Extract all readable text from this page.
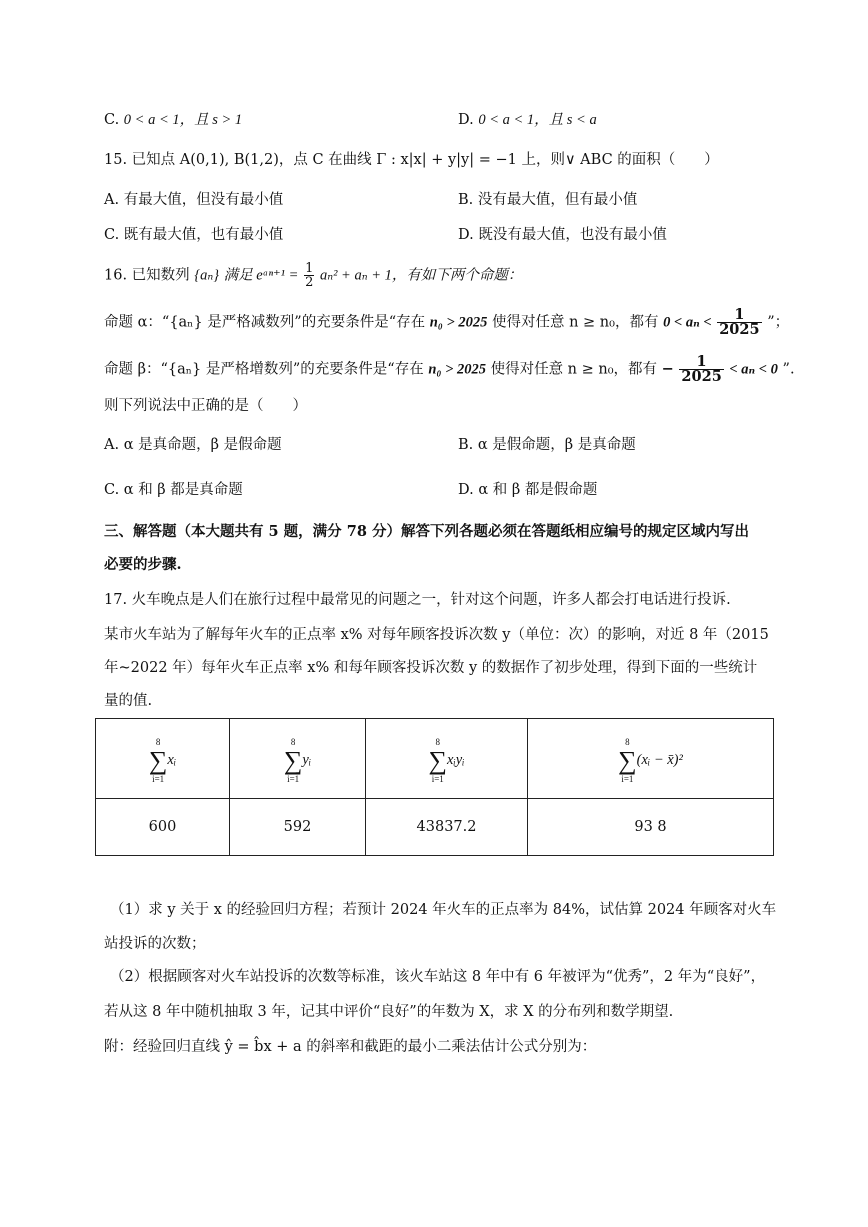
C. 0 < a < 1，且 s > 1	D. 0 < a < 1，且 s < a
15. 已知点 A(0,1), B(1,2)，点 C 在曲线 Γ : x|x| + y|y| = −1 上，则∨ ABC 的面积（　　）
A. 有最大值，但没有最小值	B. 没有最大值，但有最小值
C. 既有最大值，也有最小值	D. 既没有最大值，也没有最小值
16. 已知数列 {aₙ} 满足 eᵃⁿ⁺¹ = $\frac{1}{2} a_n^2 + a_n + 1$，有如下两个命题：
命题 α：“{aₙ} 是严格减数列”的充要条件是“存在 n₀ > 2025 使得对任意 n ≥ n₀，都有 $0 < a_n < \frac{1}{2025}$ ”；
命题 β：“{aₙ} 是严格增数列”的充要条件是“存在 n₀ > 2025 使得对任意 n ≥ n₀，都有 − $\frac{1}{2025} < a_n < 0$ ”.
则下列说法中正确的是（　　）
A. α 是真命题，β 是假命题	B. α 是假命题，β 是真命题
C. α 和 β 都是真命题	D. α 和 β 都是假命题
三、解答题（本大题共有 5 题，满分 78 分）解答下列各题必须在答题纸相应编号的规定区域内写出
必要的步骤.
17. 火车晚点是人们在旅行过程中最常见的问题之一，针对这个问题，许多人都会打电话进行投诉.
某市火车站为了解每年火车的正点率 x% 对每年顾客投诉次数 y（单位：次）的影响，对近 8 年（2015
年~2022 年）每年火车正点率 x% 和每年顾客投诉次数 y 的数据作了初步处理，得到下面的一些统计
量的值.
8
∑
i=1
xᵢ	8
∑
i=1
yᵢ	8
∑
i=1
xᵢyᵢ	8
∑
i=1
(xᵢ − x̄)²

600	592	43837.2	93 8
（1）求 y 关于 x 的经验回归方程；若预计 2024 年火车的正点率为 84%，试估算 2024 年顾客对火车
站投诉的次数；
（2）根据顾客对火车站投诉的次数等标准，该火车站这 8 年中有 6 年被评为“优秀”，2 年为“良好”，
若从这 8 年中随机抽取 3 年，记其中评价“良好”的年数为 X，求 X 的分布列和数学期望.
附：经验回归直线 ŷ = b̂x + a 的斜率和截距的最小二乘法估计公式分别为：
